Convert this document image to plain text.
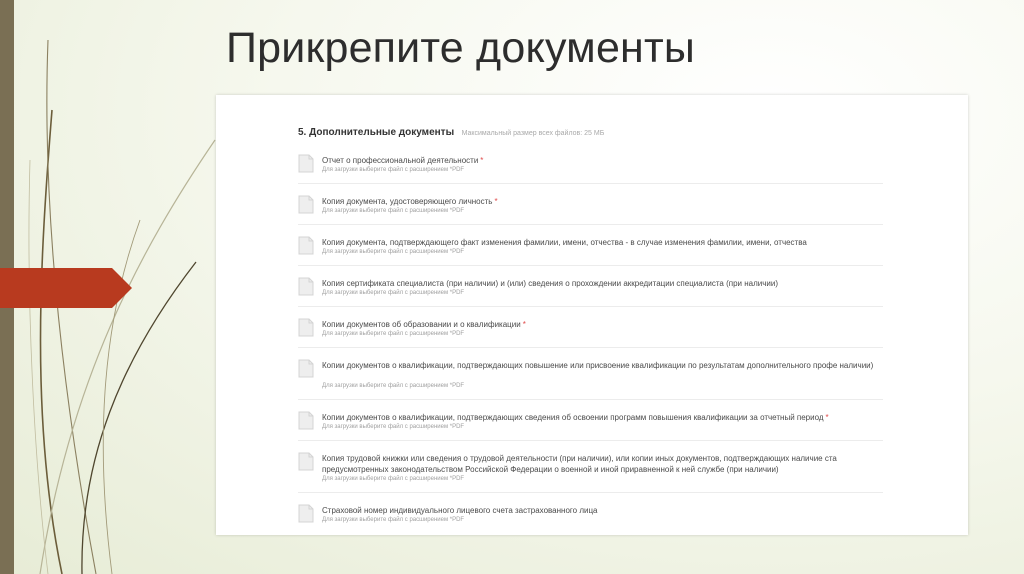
Прикрепите документы
5. Дополнительные документы Максимальный размер всех файлов: 25 МБ
Отчет о профессиональной деятельности *
Для загрузки выберите файл с расширением *PDF
Копия документа, удостоверяющего личность *
Для загрузки выберите файл с расширением *PDF
Копия документа, подтверждающего факт изменения фамилии, имени, отчества - в случае изменения фамилии, имени, отчества
Для загрузки выберите файл с расширением *PDF
Копия сертификата специалиста (при наличии) и (или) сведения о прохождении аккредитации специалиста (при наличии)
Для загрузки выберите файл с расширением *PDF
Копии документов об образовании и о квалификации *
Для загрузки выберите файл с расширением *PDF
Копии документов о квалификации, подтверждающих повышение или присвоение квалификации по результатам дополнительного профе наличии)
Для загрузки выберите файл с расширением *PDF
Копии документов о квалификации, подтверждающих сведения об освоении программ повышения квалификации за отчетный период *
Для загрузки выберите файл с расширением *PDF
Копия трудовой книжки или сведения о трудовой деятельности (при наличии), или копии иных документов, подтверждающих наличие ста предусмотренных законодательством Российской Федерации о военной и иной приравненной к ней службе (при наличии)
Для загрузки выберите файл с расширением *PDF
Страховой номер индивидуального лицевого счета застрахованного лица
Для загрузки выберите файл с расширением *PDF
